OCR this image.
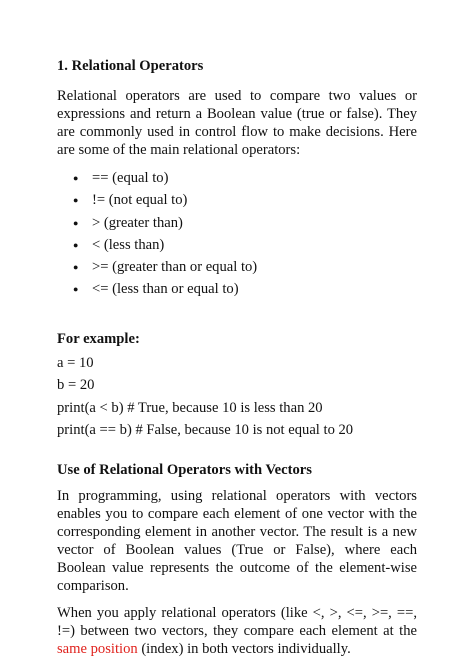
1. Relational Operators

Relational operators are used to compare two values or expressions and return a Boolean value (true or false). They are commonly used in control flow to make decisions. Here are some of the main relational operators:

● == (equal to)
● != (not equal to)
● > (greater than)
● < (less than)
● >= (greater than or equal to)
● <= (less than or equal to)
For example:

a = 10

b = 20

print(a < b) # True, because 10 is less than 20

print(a == b) # False, because 10 is not equal to 20

Use of Relational Operators with Vectors

In programming, using relational operators with vectors enables you to compare each element of one vector with the corresponding element in another vector. The result is a new vector of Boolean values (True or False), where each Boolean value represents the outcome of the element-wise comparison.

When you apply relational operators (like <, >, <=, >=, ==, !=) between two vectors, they compare each element at the same position (index) in both vectors individually.
